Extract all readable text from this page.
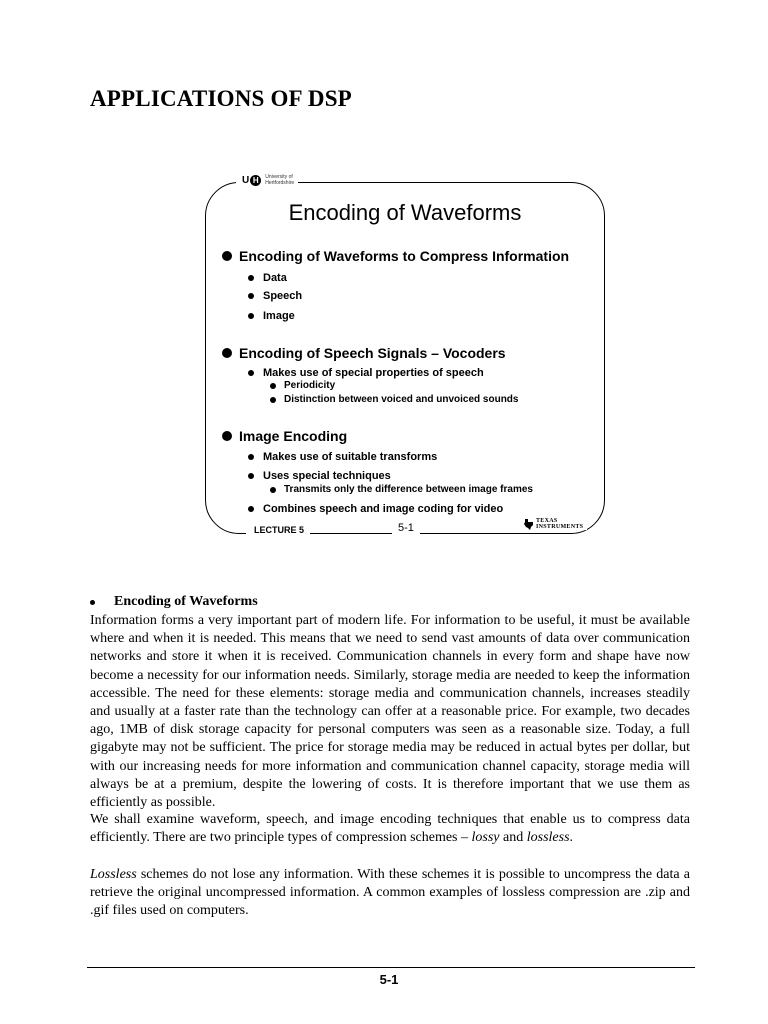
APPLICATIONS OF DSP
U H	University of
Hertfordshire
Encoding of Waveforms
Encoding of Waveforms to Compress Information
Data
Speech
Image
Encoding of Speech Signals – Vocoders
Makes use of special properties of speech
Periodicity
Distinction between voiced and unvoiced sounds
Image Encoding
Makes use of suitable transforms
Uses special techniques
Transmits only the difference between image frames
Combines speech and image coding for video
LECTURE 5	5-1
TEXAS
INSTRUMENTS
Encoding of Waveforms

Information forms a very important part of modern life. For information to be useful, it must be available where and when it is needed. This means that we need to send vast amounts of data over communication networks and store it when it is received. Communication channels in every form and shape have now become a necessity for our information needs. Similarly, storage media are needed to keep the information accessible. The need for these elements: storage media and communication channels, increases steadily and usually at a faster rate than the technology can offer at a reasonable price. For example, two decades ago, 1MB of disk storage capacity for personal computers was seen as a reasonable size. Today, a full gigabyte may not be sufficient. The price for storage media may be reduced in actual bytes per dollar, but with our increasing needs for more information and communication channel capacity, storage media will always be at a premium, despite the lowering of costs. It is therefore important that we use them as efficiently as possible.

We shall examine waveform, speech, and image encoding techniques that enable us to compress data efficiently. There are two principle types of compression schemes – lossy and lossless.

Lossless schemes do not lose any information. With these schemes it is possible to uncompress the data a retrieve the original uncompressed information. A common examples of lossless compression are .zip and .gif files used on computers.

5-1
